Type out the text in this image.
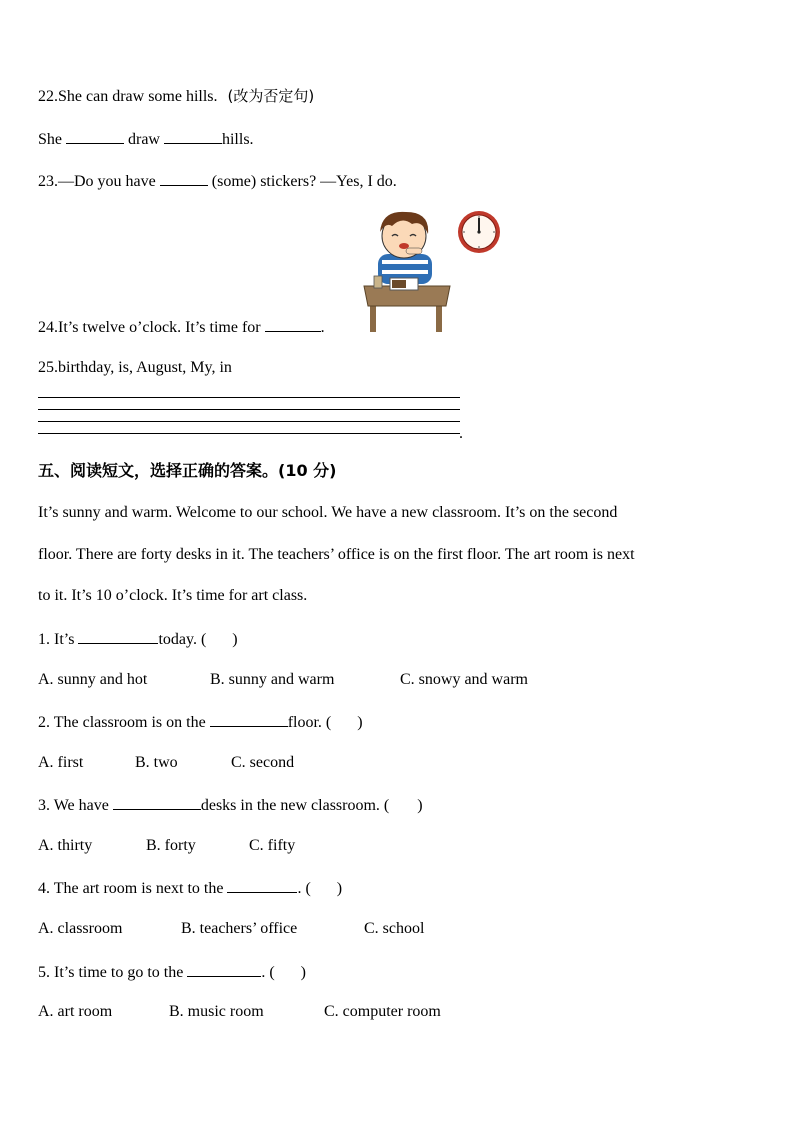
22.She can draw some hills. (改为否定句)
She	draw	hills.
23.—Do you have	(some) stickers? —Yes, I do.
24.It’s twelve o’clock. It’s time for	.
25.birthday, is, August, My, in
.
五、阅读短文，选择正确的答案。(10 分)
It’s sunny and warm. Welcome to our school. We have a new classroom. It’s on the second
floor. There are forty desks in it. The teachers’ office is on the first floor. The art room is next
to it. It’s 10 o’clock. It’s time for art class.
1. It’s	today. ( )
A. sunny and hot	B. sunny and warm	C. snowy and warm
2. The classroom is on the	floor. ( )
A. first	B. two	C. second
3. We have	desks in the new classroom. ( )
A. thirty	B. forty	C. fifty
4. The art room is next to the	. ( )
A. classroom	B. teachers’ office	C. school
5. It’s time to go to the	. ( )
A. art room	B. music room	C. computer room
